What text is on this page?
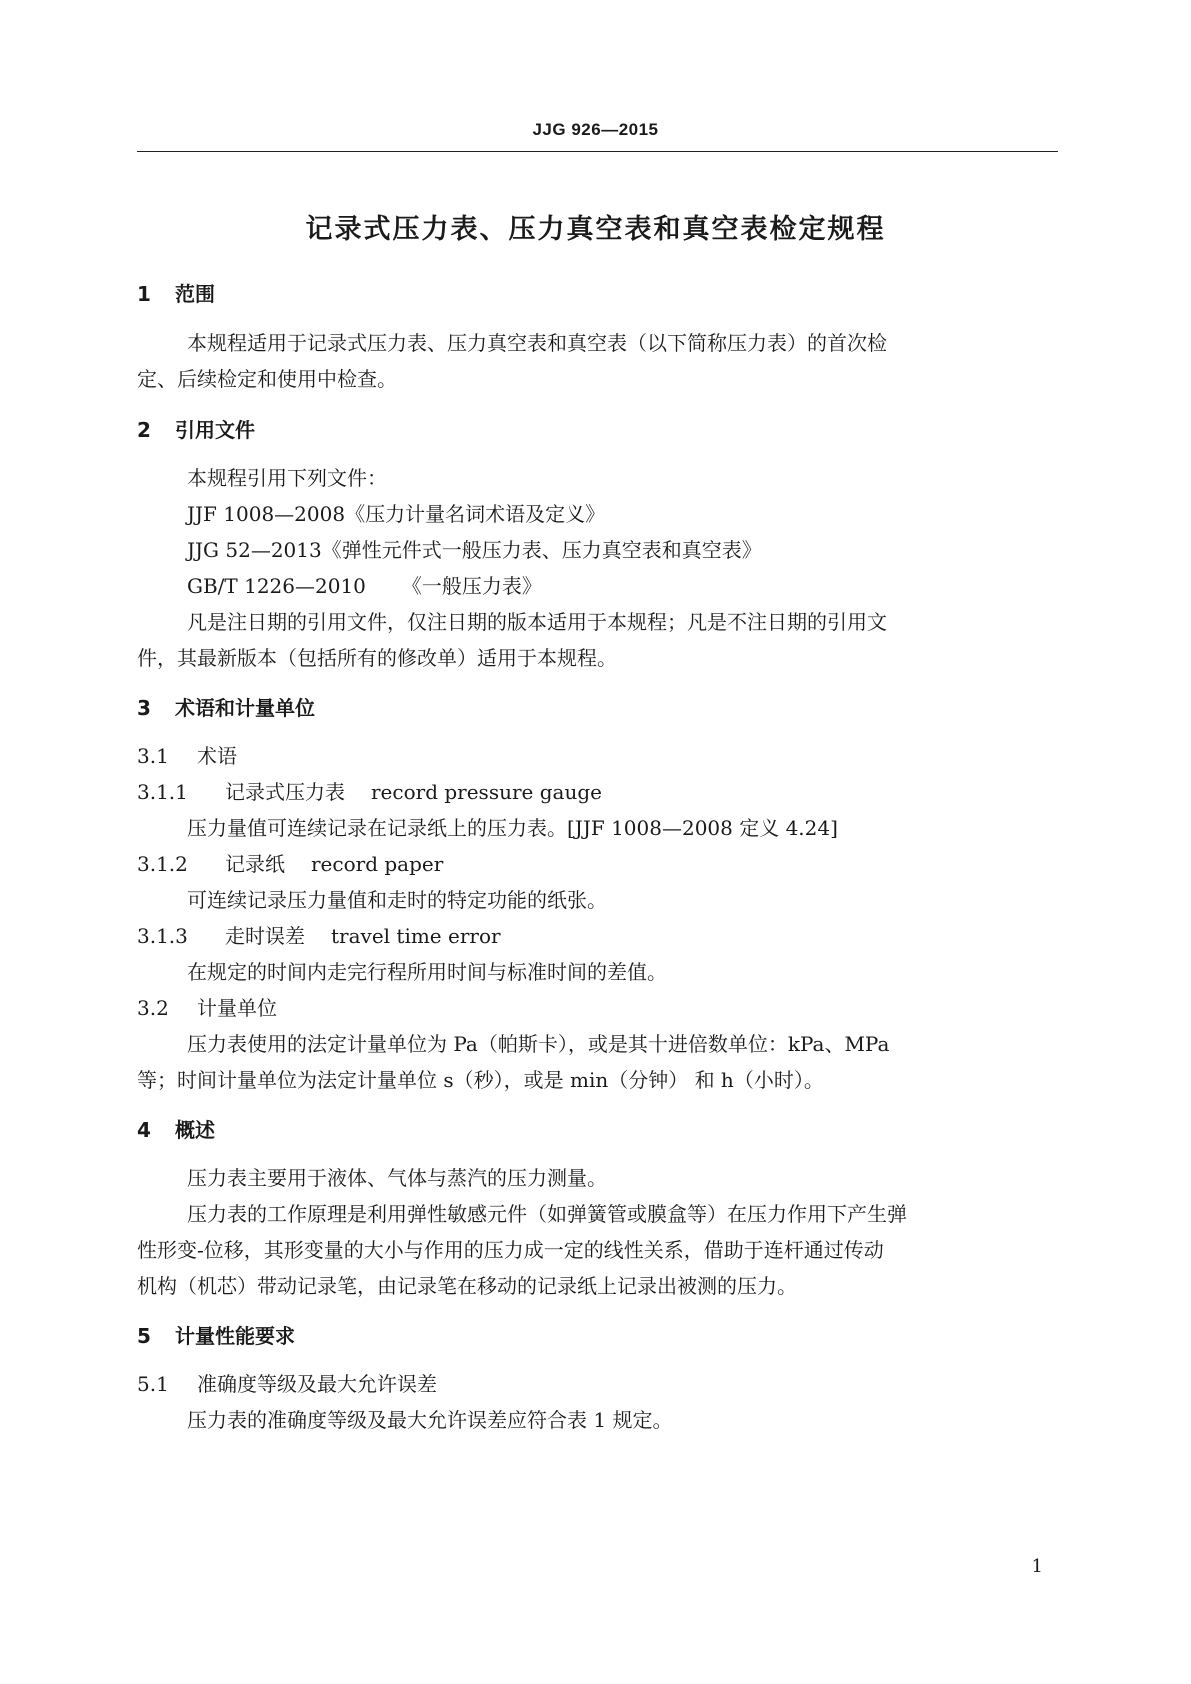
JJG 926—2015
记录式压力表、压力真空表和真空表检定规程
1 范围
本规程适用于记录式压力表、压力真空表和真空表（以下简称压力表）的首次检
定、后续检定和使用中检查。
2 引用文件
本规程引用下列文件：
JJF 1008—2008《压力计量名词术语及定义》
JJG 52—2013《弹性元件式一般压力表、压力真空表和真空表》
GB/T 1226—2010 《一般压力表》
凡是注日期的引用文件，仅注日期的版本适用于本规程；凡是不注日期的引用文
件，其最新版本（包括所有的修改单）适用于本规程。
3 术语和计量单位
3.1 术语
3.1.1 记录式压力表 record pressure gauge
压力量值可连续记录在记录纸上的压力表。[JJF 1008—2008 定义 4.24]
3.1.2 记录纸 record paper
可连续记录压力量值和走时的特定功能的纸张。
3.1.3 走时误差 travel time error
在规定的时间内走完行程所用时间与标准时间的差值。
3.2 计量单位
压力表使用的法定计量单位为 Pa（帕斯卡），或是其十进倍数单位：kPa、MPa
等；时间计量单位为法定计量单位 s（秒），或是 min（分钟） 和 h（小时）。
4 概述
压力表主要用于液体、气体与蒸汽的压力测量。
压力表的工作原理是利用弹性敏感元件（如弹簧管或膜盒等）在压力作用下产生弹
性形变-位移，其形变量的大小与作用的压力成一定的线性关系，借助于连杆通过传动
机构（机芯）带动记录笔，由记录笔在移动的记录纸上记录出被测的压力。
5 计量性能要求
5.1 准确度等级及最大允许误差
压力表的准确度等级及最大允许误差应符合表 1 规定。
1
